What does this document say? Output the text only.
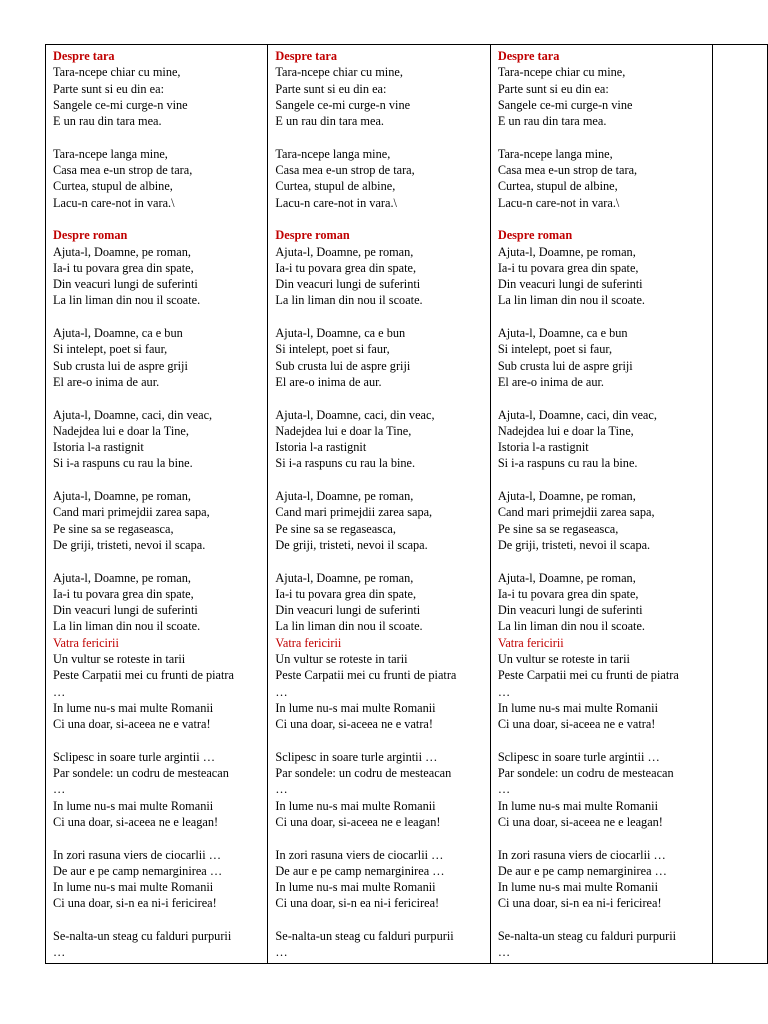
Despre tara
Tara-ncepe chiar cu mine,
Parte sunt si eu din ea:
Sangele ce-mi curge-n vine
E un rau din tara mea.
Tara-ncepe langa mine,
Casa mea e-un strop de tara,
Curtea, stupul de albine,
Lacu-n care-not in vara.\
Despre roman
Ajuta-l, Doamne, pe roman,
Ia-i tu povara grea din spate,
Din veacuri lungi de suferinti
La lin liman din nou il scoate.
Ajuta-l, Doamne, ca e bun
Si intelept, poet si faur,
Sub crusta lui de aspre griji
El are-o inima de aur.
Ajuta-l, Doamne, caci, din veac,
Nadejdea lui e doar la Tine,
Istoria l-a rastignit
Si i-a raspuns cu rau la bine.
Ajuta-l, Doamne, pe roman,
Cand mari primejdii zarea sapa,
Pe sine sa se regaseasca,
De griji, tristeti, nevoi il scapa.
Ajuta-l, Doamne, pe roman,
Ia-i tu povara grea din spate,
Din veacuri lungi de suferinti
La lin liman din nou il scoate.
Vatra fericirii
Un vultur se roteste in tarii
Peste Carpatii mei cu frunti de piatra
…
In lume nu-s mai multe Romanii
Ci una doar, si-aceea ne e vatra!
Sclipesc in soare turle argintii …
Par sondele: un codru de mesteacan
…
In lume nu-s mai multe Romanii
Ci una doar, si-aceea ne e leagan!
In zori rasuna viers de ciocarlii …
De aur e pe camp nemarginirea …
In lume nu-s mai multe Romanii
Ci una doar, si-n ea ni-i fericirea!
Se-nalta-un steag cu falduri purpurii
…

Despre tara
Tara-ncepe chiar cu mine,
Parte sunt si eu din ea:
Sangele ce-mi curge-n vine
E un rau din tara mea.
Tara-ncepe langa mine,
Casa mea e-un strop de tara,
Curtea, stupul de albine,
Lacu-n care-not in vara.\
Despre roman
Ajuta-l, Doamne, pe roman,
Ia-i tu povara grea din spate,
Din veacuri lungi de suferinti
La lin liman din nou il scoate.
Ajuta-l, Doamne, ca e bun
Si intelept, poet si faur,
Sub crusta lui de aspre griji
El are-o inima de aur.
Ajuta-l, Doamne, caci, din veac,
Nadejdea lui e doar la Tine,
Istoria l-a rastignit
Si i-a raspuns cu rau la bine.
Ajuta-l, Doamne, pe roman,
Cand mari primejdii zarea sapa,
Pe sine sa se regaseasca,
De griji, tristeti, nevoi il scapa.
Ajuta-l, Doamne, pe roman,
Ia-i tu povara grea din spate,
Din veacuri lungi de suferinti
La lin liman din nou il scoate.
Vatra fericirii
Un vultur se roteste in tarii
Peste Carpatii mei cu frunti de piatra
…
In lume nu-s mai multe Romanii
Ci una doar, si-aceea ne e vatra!
Sclipesc in soare turle argintii …
Par sondele: un codru de mesteacan
…
In lume nu-s mai multe Romanii
Ci una doar, si-aceea ne e leagan!
In zori rasuna viers de ciocarlii …
De aur e pe camp nemarginirea …
In lume nu-s mai multe Romanii
Ci una doar, si-n ea ni-i fericirea!
Se-nalta-un steag cu falduri purpurii
…

Despre tara
Tara-ncepe chiar cu mine,
Parte sunt si eu din ea:
Sangele ce-mi curge-n vine
E un rau din tara mea.
Tara-ncepe langa mine,
Casa mea e-un strop de tara,
Curtea, stupul de albine,
Lacu-n care-not in vara.\
Despre roman
Ajuta-l, Doamne, pe roman,
Ia-i tu povara grea din spate,
Din veacuri lungi de suferinti
La lin liman din nou il scoate.
Ajuta-l, Doamne, ca e bun
Si intelept, poet si faur,
Sub crusta lui de aspre griji
El are-o inima de aur.
Ajuta-l, Doamne, caci, din veac,
Nadejdea lui e doar la Tine,
Istoria l-a rastignit
Si i-a raspuns cu rau la bine.
Ajuta-l, Doamne, pe roman,
Cand mari primejdii zarea sapa,
Pe sine sa se regaseasca,
De griji, tristeti, nevoi il scapa.
Ajuta-l, Doamne, pe roman,
Ia-i tu povara grea din spate,
Din veacuri lungi de suferinti
La lin liman din nou il scoate.
Vatra fericirii
Un vultur se roteste in tarii
Peste Carpatii mei cu frunti de piatra
…
In lume nu-s mai multe Romanii
Ci una doar, si-aceea ne e vatra!
Sclipesc in soare turle argintii …
Par sondele: un codru de mesteacan
…
In lume nu-s mai multe Romanii
Ci una doar, si-aceea ne e leagan!
In zori rasuna viers de ciocarlii …
De aur e pe camp nemarginirea …
In lume nu-s mai multe Romanii
Ci una doar, si-n ea ni-i fericirea!
Se-nalta-un steag cu falduri purpurii
…
